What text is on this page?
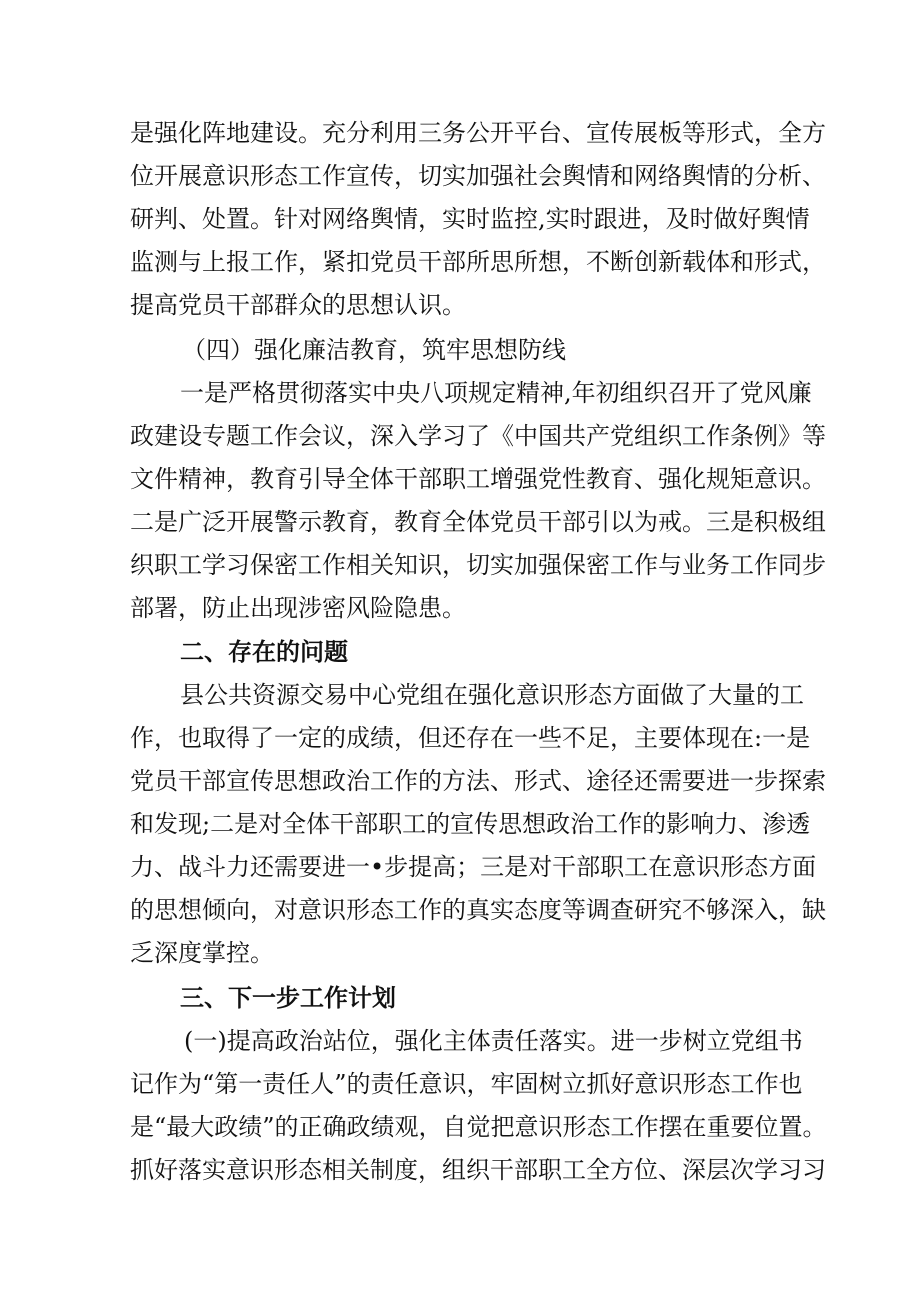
是强化阵地建设。充分利用三务公开平台、宣传展板等形式，全方
位开展意识形态工作宣传，切实加强社会舆情和网络舆情的分析、
研判、处置。针对网络舆情，实时监控,实时跟进，及时做好舆情
监测与上报工作，紧扣党员干部所思所想，不断创新载体和形式，
提高党员干部群众的思想认识。
（四）强化廉洁教育，筑牢思想防线
一是严格贯彻落实中央八项规定精神,年初组织召开了党风廉
政建设专题工作会议，深入学习了《中国共产党组织工作条例》等
文件精神，教育引导全体干部职工增强党性教育、强化规矩意识。
二是广泛开展警示教育，教育全体党员干部引以为戒。三是积极组
织职工学习保密工作相关知识，切实加强保密工作与业务工作同步
部署，防止出现涉密风险隐患。
二、存在的问题
县公共资源交易中心党组在强化意识形态方面做了大量的工
作，也取得了一定的成绩，但还存在一些不足，主要体现在:一是
党员干部宣传思想政治工作的方法、形式、途径还需要进一步探索
和发现;二是对全体干部职工的宣传思想政治工作的影响力、渗透
力、战斗力还需要进一•步提高；三是对干部职工在意识形态方面
的思想倾向，对意识形态工作的真实态度等调查研究不够深入，缺
乏深度掌控。
三、下一步工作计划
(一)提高政治站位，强化主体责任落实。进一步树立党组书
记作为“第一责任人”的责任意识，牢固树立抓好意识形态工作也
是“最大政绩”的正确政绩观，自觉把意识形态工作摆在重要位置。
抓好落实意识形态相关制度，组织干部职工全方位、深层次学习习
